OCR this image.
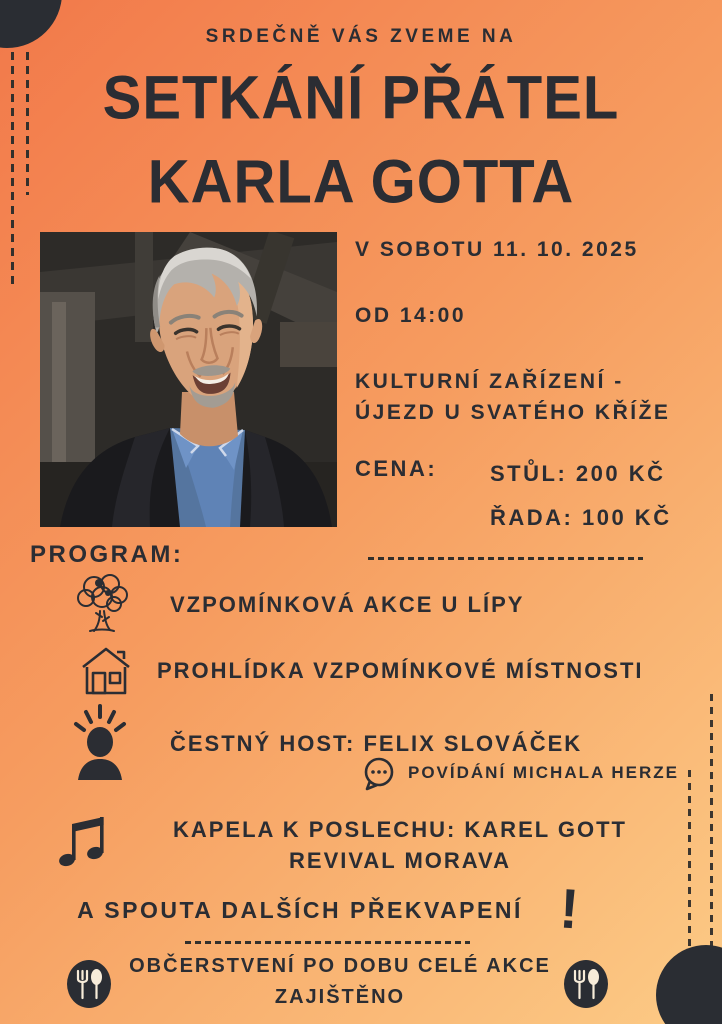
SRDEČNĚ VÁS ZVEME NA
SETKÁNÍ PŘÁTEL
KARLA GOTTA
V SOBOTU 11. 10. 2025
OD 14:00
KULTURNÍ ZAŘÍZENÍ -
ÚJEZD U SVATÉHO KŘÍŽE
CENA: STŮL: 200 KČ
ŘADA: 100 KČ
PROGRAM:
VZPOMÍNKOVÁ AKCE U LÍPY
PROHLÍDKA VZPOMÍNKOVÉ MÍSTNOSTI
ČESTNÝ HOST: FELIX SLOVÁČEK
POVÍDÁNÍ MICHALA HERZE
KAPELA K POSLECHU: KAREL GOTT
REVIVAL MORAVA
A SPOUTA DALŠÍCH PŘEKVAPENÍ !
OBČERSTVENÍ PO DOBU CELÉ AKCE
ZAJIŠTĚNO
